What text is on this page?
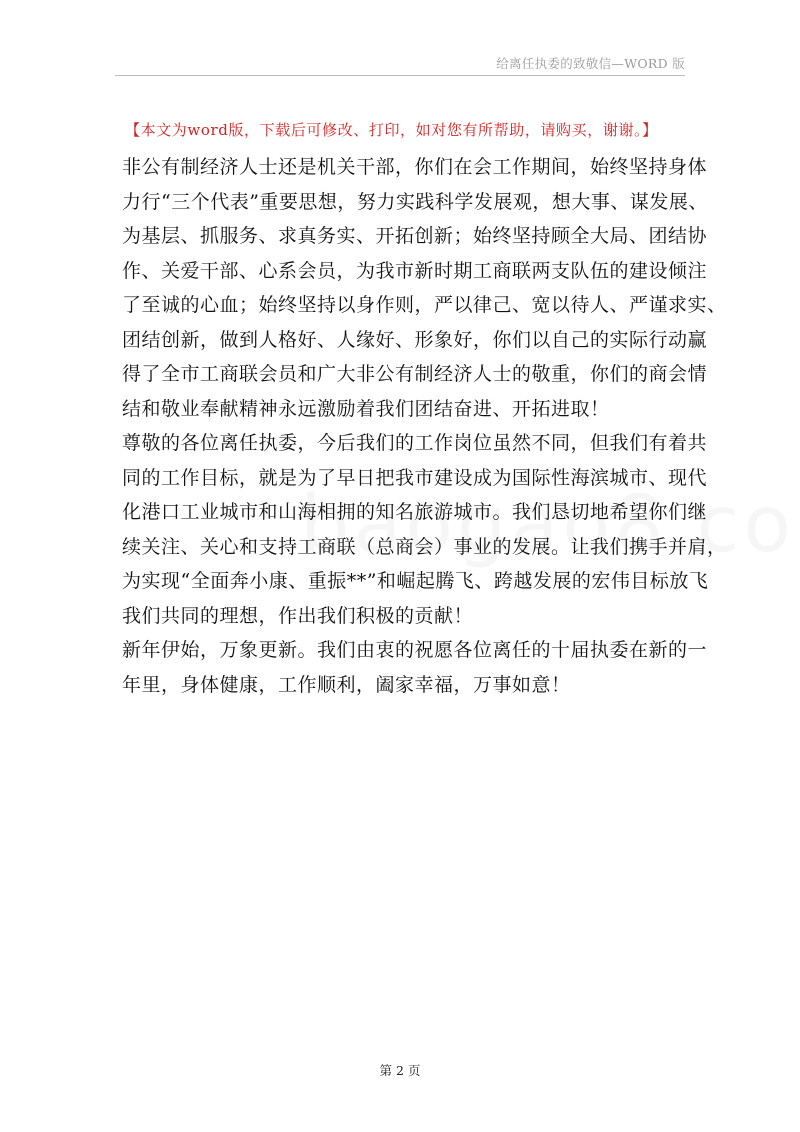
给离任执委的致敬信—WORD 版
【本文为word版，下载后可修改、打印，如对您有所帮助，请购买，谢谢。】
非公有制经济人士还是机关干部，你们在会工作期间，始终坚持身体
力行“三个代表”重要思想，努力实践科学发展观，想大事、谋发展、
为基层、抓服务、求真务实、开拓创新；始终坚持顾全大局、团结协
作、关爱干部、心系会员，为我市新时期工商联两支队伍的建设倾注
了至诚的心血；始终坚持以身作则，严以律己、宽以待人、严谨求实、
团结创新，做到人格好、人缘好、形象好，你们以自己的实际行动赢
得了全市工商联会员和广大非公有制经济人士的敬重，你们的商会情
结和敬业奉献精神永远激励着我们团结奋进、开拓进取！
尊敬的各位离任执委，今后我们的工作岗位虽然不同，但我们有着共
同的工作目标，就是为了早日把我市建设成为国际性海滨城市、现代
化港口工业城市和山海相拥的知名旅游城市。我们恳切地希望你们继
续关注、关心和支持工商联（总商会）事业的发展。让我们携手并肩，
为实现“全面奔小康、重振**”和崛起腾飞、跨越发展的宏伟目标放飞
我们共同的理想，作出我们积极的贡献！
新年伊始，万象更新。我们由衷的祝愿各位离任的十届执委在新的一
年里，身体健康，工作顺利，阖家幸福，万事如意！
第 2 页
